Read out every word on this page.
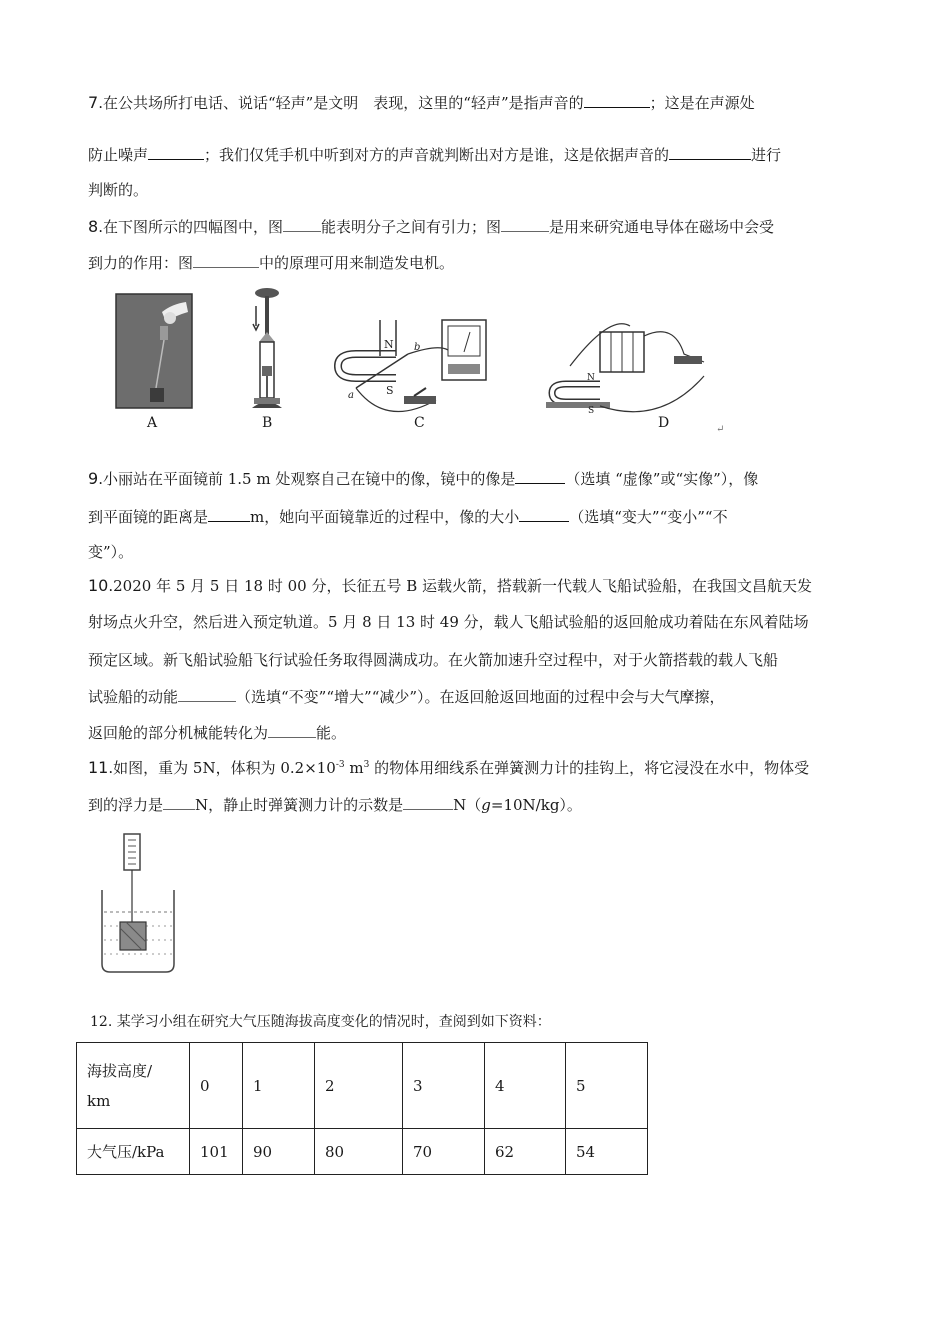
7.在公共场所打电话、说话“轻声”是文明　表现，这里的“轻声”是指声音的	；这是在声源处
防止噪声	；我们仅凭手机中听到对方的声音就判断出对方是谁，这是依据声音的	进行
判断的。
8.在下图所示的四幅图中，图	能表明分子之间有引力；图	是用来研究通电导体在磁场中会受
到力的作用：图	中的原理可用来制造发电机。
A	B
N
S
a
b
C
N
S
D	↵
9.小丽站在平面镜前 1.5 m 处观察自己在镜中的像，镜中的像是	（选填 “虚像”或“实像”），像
到平面镜的距离是	m，她向平面镜靠近的过程中，像的大小	（选填“变大”“变小”“不
变”）。
10.2020 年 5 月 5 日 18 时 00 分，长征五号 B 运载火箭，搭载新一代载人飞船试验船，在我国文昌航天发
射场点火升空，然后进入预定轨道。5 月 8 日 13 时 49 分，载人飞船试验船的返回舱成功着陆在东风着陆场
预定区域。新飞船试验船飞行试验任务取得圆满成功。在火箭加速升空过程中，对于火箭搭载的载人飞船
试验船的动能	（选填“不变”“增大”“减少”）。在返回舱返回地面的过程中会与大气摩擦，
返回舱的部分机械能转化为	能。
11.如图，重为 5N，体积为 $0.2\times 10^{-3}$ $m^3$ 的物体用细线系在弹簧测力计的挂钩上，将它浸没在水中，物体受
到的浮力是 N，静止时弹簧测力计的示数是	N（g=10N/kg）。
12. 某学习小组在研究大气压随海拔高度变化的情况时，查阅到如下资料：
海拔高度/
km	0	1	2	3	4	5
大气压/kPa	101	90	80	70	62	54
